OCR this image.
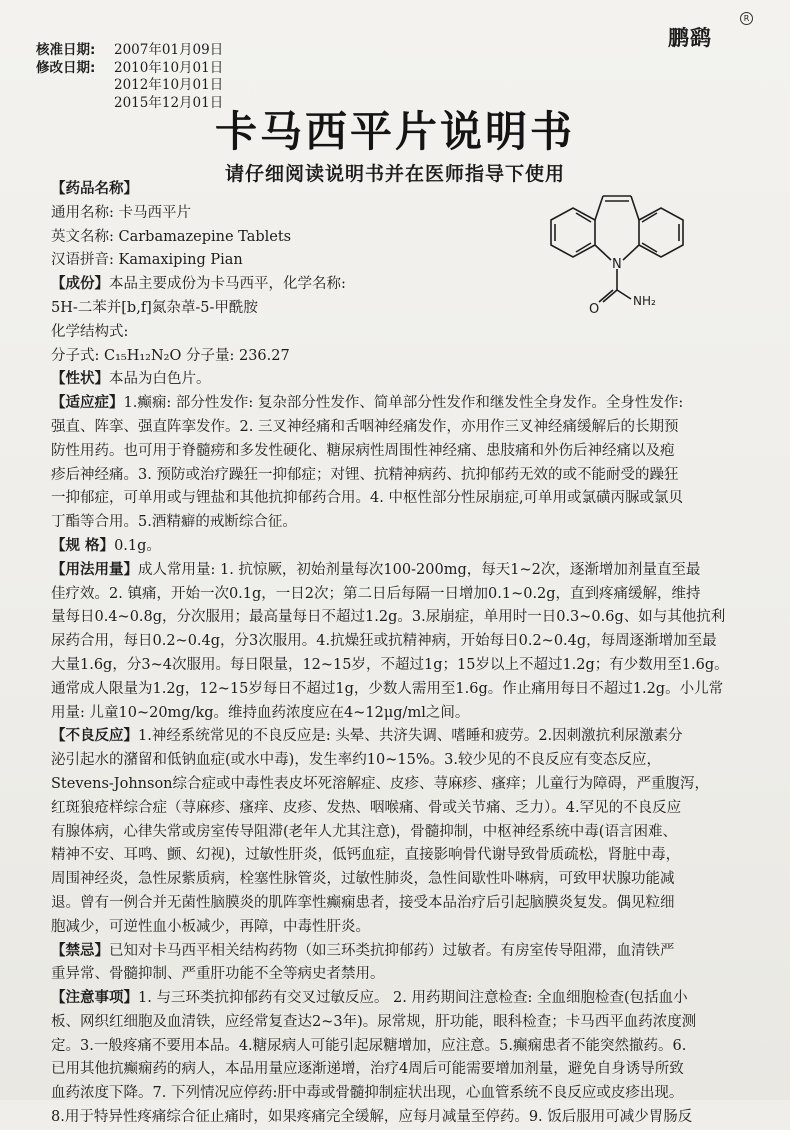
核准日期:	2007年01月09日
修改日期:	2010年10月01日
2012年10月01日
2015年12月01日
鹏鹞
R
卡马西平片说明书
请仔细阅读说明书并在医师指导下使用
N
O
NH₂
【药品名称】
通用名称: 卡马西平片
英文名称: Carbamazepine Tablets
汉语拼音: Kamaxiping Pian
【成份】本品主要成份为卡马西平，化学名称:
5H-二苯并[b,f]氮杂䓬-5-甲酰胺
化学结构式:
分子式: C₁₅H₁₂N₂O 分子量: 236.27
【性状】本品为白色片。
【适应症】1.癫痫: 部分性发作: 复杂部分性发作、简单部分性发作和继发性全身发作。全身性发作:
强直、阵挛、强直阵挛发作。2. 三叉神经痛和舌咽神经痛发作，亦用作三叉神经痛缓解后的长期预
防性用药。也可用于脊髓痨和多发性硬化、糖尿病性周围性神经痛、患肢痛和外伤后神经痛以及疱
疹后神经痛。3. 预防或治疗躁狂一抑郁症；对锂、抗精神病药、抗抑郁药无效的或不能耐受的躁狂
一抑郁症，可单用或与锂盐和其他抗抑郁药合用。4. 中枢性部分性尿崩症,可单用或氯磺丙脲或氯贝
丁酯等合用。5.酒精癖的戒断综合征。
【规 格】0.1g。
【用法用量】成人常用量: 1. 抗惊厥，初始剂量每次100-200mg，每天1~2次，逐渐增加剂量直至最
佳疗效。2. 镇痛，开始一次0.1g，一日2次；第二日后每隔一日增加0.1~0.2g，直到疼痛缓解，维持
量每日0.4~0.8g，分次服用；最高量每日不超过1.2g。3.尿崩症，单用时一日0.3~0.6g、如与其他抗利
尿药合用，每日0.2~0.4g，分3次服用。4.抗燥狂或抗精神病，开始每日0.2~0.4g，每周逐渐增加至最
大量1.6g，分3~4次服用。每日限量，12~15岁，不超过1g；15岁以上不超过1.2g；有少数用至1.6g。
通常成人限量为1.2g，12~15岁每日不超过1g，少数人需用至1.6g。作止痛用每日不超过1.2g。小儿常
用量: 儿童10~20mg/kg。维持血药浓度应在4~12μg/ml之间。
【不良反应】1.神经系统常见的不良反应是: 头晕、共济失调、嗜睡和疲劳。2.因刺激抗利尿激素分
泌引起水的潴留和低钠血症(或水中毒)，发生率约10~15%。3.较少见的不良反应有变态反应，
Stevens-Johnson综合症或中毒性表皮坏死溶解症、皮疹、荨麻疹、瘙痒；儿童行为障碍，严重腹泻，
红斑狼疮样综合症（荨麻疹、瘙痒、皮疹、发热、咽喉痛、骨或关节痛、乏力）。4.罕见的不良反应
有腺体病，心律失常或房室传导阻滞(老年人尤其注意)，骨髓抑制，中枢神经系统中毒(语言困难、
精神不安、耳鸣、颤、幻视)，过敏性肝炎，低钙血症，直接影响骨代谢导致骨质疏松，肾脏中毒，
周围神经炎，急性尿紫质病，栓塞性脉管炎，过敏性肺炎，急性间歇性卟啉病，可致甲状腺功能减
退。曾有一例合并无菌性脑膜炎的肌阵挛性癫痫患者，接受本品治疗后引起脑膜炎复发。偶见粒细
胞减少，可逆性血小板减少，再障，中毒性肝炎。
【禁忌】已知对卡马西平相关结构药物（如三环类抗抑郁药）过敏者。有房室传导阻滞，血清铁严
重异常、骨髓抑制、严重肝功能不全等病史者禁用。
【注意事项】1. 与三环类抗抑郁药有交叉过敏反应。 2. 用药期间注意检查: 全血细胞检查(包括血小
板、网织红细胞及血清铁，应经常复查达2~3年)。尿常规，肝功能，眼科检查；卡马西平血药浓度测
定。3.一般疼痛不要用本品。4.糖尿病人可能引起尿糖增加，应注意。5.癫痫患者不能突然撤药。6.
已用其他抗癫痫药的病人，本品用量应逐渐递增，治疗4周后可能需要增加剂量，避免自身诱导所致
血药浓度下降。7. 下列情况应停药:肝中毒或骨髓抑制症状出现，心血管系统不良反应或皮疹出现。
8.用于特异性疼痛综合征止痛时，如果疼痛完全缓解，应每月减量至停药。9. 饭后服用可减少胃肠反
